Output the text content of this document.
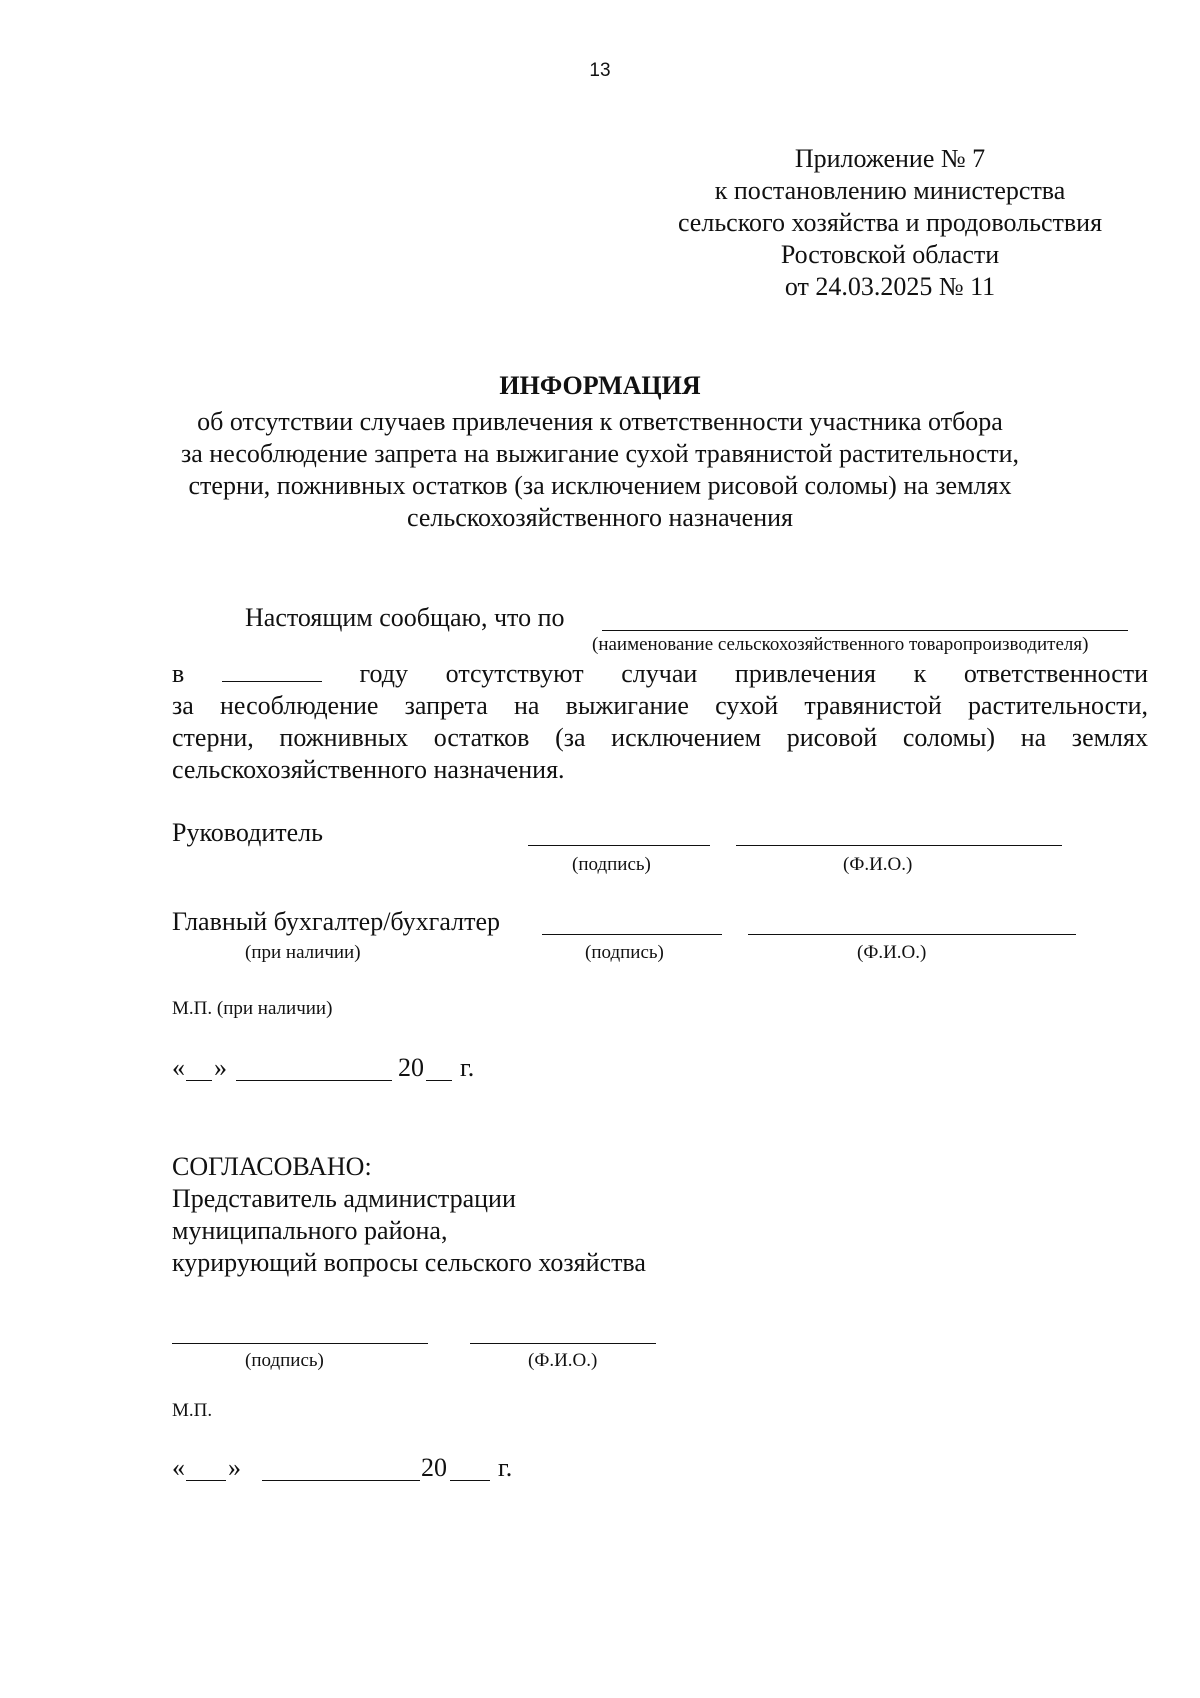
13
Приложение № 7
к постановлению министерства
сельского хозяйства и продовольствия
Ростовской области
от 24.03.2025 № 11
ИНФОРМАЦИЯ
об отсутствии случаев привлечения к ответственности участника отбора
за несоблюдение запрета на выжигание сухой травянистой растительности,
стерни, пожнивных остатков (за исключением рисовой соломы) на землях
сельскохозяйственного назначения
Настоящим сообщаю, что по
(наименование сельскохозяйственного товаропроизводителя)
в	году отсутствуют случаи привлечения к ответственности
за несоблюдение запрета на выжигание сухой травянистой растительности,
стерни, пожнивных остатков (за исключением рисовой соломы) на землях
сельскохозяйственного назначения.
Руководитель
(подпись)	(Ф.И.О.)
Главный бухгалтер/бухгалтер
(при наличии)	(подпись)	(Ф.И.О.)
М.П. (при наличии)
« »	20 г.
СОГЛАСОВАНО:
Представитель администрации
муниципального района,
курирующий вопросы сельского хозяйства
(подпись)	(Ф.И.О.)
М.П.
« »	20 г.
